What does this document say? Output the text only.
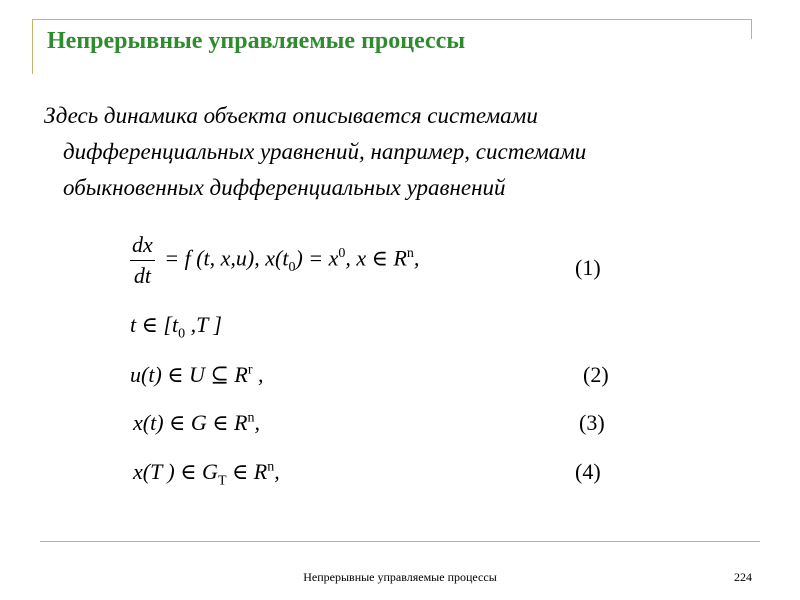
Непрерывные управляемые процессы
Здесь динамика объекта описывается системами
дифференциальных уравнений, например, системами
обыкновенных дифференциальных уравнений
$\frac{dx}{dt} = f$ (t, x,u), $x(t_0) = x^0$, x ∈ $R^n$,	(1)
t ∈ [$t_0$ ,T ]
u(t) ∈ U ⊆ $R^r$ ,	(2)
x(t) ∈ G ∈ $R^n$,	(3)
x(T ) ∈ $G_T$ ∈ $R^n$,	(4)
Непрерывные управляемые процессы	224
